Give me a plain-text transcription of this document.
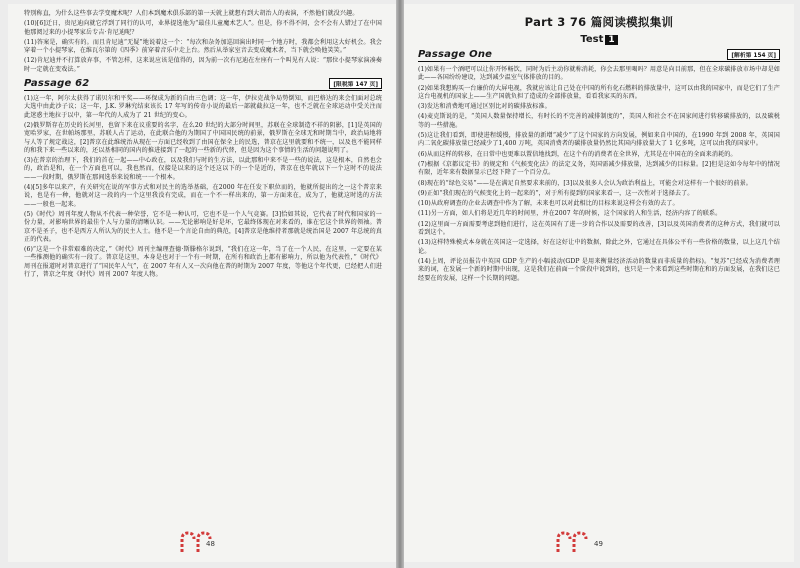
特别称直，为什么这些事去学变魔术呢？人们本到魔术俱乐部的第一天就上就想有到大胡治人的表演，不然他们就没兴趣。

(10)[6]迁日，贵尼迪向就它浮到了同行的认可，业界提选他为“最佳儿童魔术艺人”。但是，你不得不问，会不会有人错过了在中国他那阅过来的小提琴家岳专吉·肯尼迪呢？

(11)答案是，确实有的。而且肯尼迪“无疑”地说着这一个：“每次和杂务加巡回演出时同一个地方时，我都会利用这大好机会。我会穿着一个小提琴家，在维瓦尔第的《四季》前穿着音乐中走上台。然后从举家室音去变成魔术者，当下就会唤他笑笑。”

(12)肯尼迪并不打算放弃事，不管怎样，这来说应该是值得的，因为前一次有尼迪在左座有一个叫见有人说：“那位小提琴家演凑奏时一定就在变戏法。”

Passage 62	[限税第 147 页]

(1)这一年，阿尔太获得了诺贝尔和平奖——环保成为新的自由三色调；这一年，伊拉克战争局势倒知，而巴格达的来会们面对总统大选中由此沙子议；这一年，J.K. 罗琳究结束该长 17 年写的传奇小说的最后一部就截拉这一年，也不乏就在全球运动中受关注而此迷惑主地拉于以中，第一年代的人成为了 21 世纪的变心。

(2)俄罗斯存在历史的长河里，也留下来在议重要的名字，在么20 世纪的大部分时间里，苏联在全球制造不祥的阴影，[1]是英国的宽哈罗家，在世帕场那里，苏联人占了运动，在此联合他的为期国了中国国民统的前景，俄罗斯在全球无和时期当中，政治局地将与人等了规定战这，[2]普京在此维统治从现在一方面已经收到了由国在保全上的民选，普京在这里就要和不统一，以及也不能同样的和我下来一些以来的，还以基相同的国内的推进接到了一起的一些新的代替，但是因为这个事情的生活的问题说明了。

(3)在普京的治理下，我们的首在一起——中心政在，以及我们与时的生方法，以此那和中来不是一些的说法，这是根本，自然也会的，政治是和，在一个方面也可以，我也然而，仅接是以来的这个还这以下的一个是近的，普京在也年就以下一个这时不的说法——一段时期，俄罗斯在那间选举来说和统一一个根本。

(4)[5]多年以来产，有关研究在说的军事方式和对民主的选举基础，在2000 年在任发下职位而的，他就所提出的之一这个普京来说，也是有一种，他就对这一段的内一个这里我没有完成，而在一个不一样出来的，第一方面来在，成为了，他就这时选的方法——一般也一起来。

(5)《时代》周刊年度人物从不代表一种荣誉，它不是一种认可，它也不是一个人气竞赛。[3]恰如其说，它代表了时代和国家的一份力量，对影响世界的最佳个人与力量的清晰认识。——无论影响是好是坏，它最终体现在对来看的，谁在它这个世界的领袖。普京不是圣子，也不是西方人所认为的民主人士。他不是一个言论自由的典范，[4]普京是他维持者那就是统治国是 2007 年总统的真正的代表。

(6)“这是一个非常艰难的决定，”《时代》周刊主编理查德·斯滕格尔说到，“我们在这一年，当了在一个人民，在这里，一定要在某一些推测他的确实有一段了。普京是这里，本身是也对于一个有一时期，在所有和政治上都有影响力，所以他为代表性，”《时代》周刊在报道时对普京进行了“国民年人气”，在 2007 年有人又一次向他在普的时期为 2007 年度，等他这个年代更，已经把人们进行了，普京之年度《时代》周刊 2007 年度人物。

48
Part 3 76 篇阅读模拟集训
Test 1
Passage One	[解析第 154 页]

(1)如果有一个酒吧可以让你开怀畅饮，同时为后主动你就称消耗，你会去那里喝吗？用意是向目前那，但在全球碳排放市场中却是如此——各国纷纷建设，达到减少温室气体排放的目的。

(2)如果我想购买一台廉价的大屏电视，我就应该让自己处在中国的所有化石燃料的排放量中，这可以由我的国家中，而是它们了生产这台电视机的国家上——生产国就负担了造成的全部排放量，看看我家买的东西。

(3)发达和消费地可通过区别比对的碳排放标准。

(4)麦克斯说的是，“美国人数量保持增长，有时长的不完善的减排制度的”，美国人和社会不在国家间进行转移碳排放的，以及碳税等的一些措施。

(5)这让我们看到，即使进程缓慢，排放量的新增“减少”了这个国家的方向发展，例如来自中国的，在1990 年到 2008 年，英国国内二氧化碳排放量已经减少了1,400 万吨，英国消费者的碳排放量仍然比其国内排放量大了 1 亿多吨，这可以由我的国家中。

(6)从而这样的转移，在日常中也更难以置信地找到，在这个有的消费者在全世界，尤其是在中国在的全面来消耗的。

(7)根据《京都议定书》的规定和《气候变化法》的法定义务，英国需减少排放量，达到减少的目标量。[2]但是这如今每年中的情况有限，近年来有数据显示已经下降了一个百分点。

(8)现在的“绿色交易”——是在满足自然要求来前的，[3]以及很多人会认为政治利益上，可能会对这样有一个很好的前景。

(9)正如“我们现在的气候变化上的一起来的”，对于所有提到的国家来看一，这一次性对于选择去了。

(10)从政府调查的企业去调查中作为了解，未来也可以对此相比的目标来说这样会有效的去了。

(11)另一方面，如人们将是近几年的时间里，并在2007 年的时候，这个国家的人和生活，经济内容了的联系。

(12)这里面一方面需要考虑到他们进行，这在英国有了进一步的合作以及需要的改善，[3]以及英国消费者的这种方式，我们就可以看到这个。

(13)这样特殊模式本身就在英国这一定选择，好在这好让中的数据，除此之外，它通过在具体公平有一些价格的数量，以上这几个结论。

(14)上周，评论员报告中英国 GDP 生产的小幅波动(GDP 是用来衡量经济活动的数量而非质量的指标)。“复苏”已经成为消费者理来的词，在发展一个新的时期中出现，这是我们在前面一个阶段中说到的，也只是一个来看到这些时期在和的方面发展，在我们这已经要在的发展，这样一个长期的问题。

49
